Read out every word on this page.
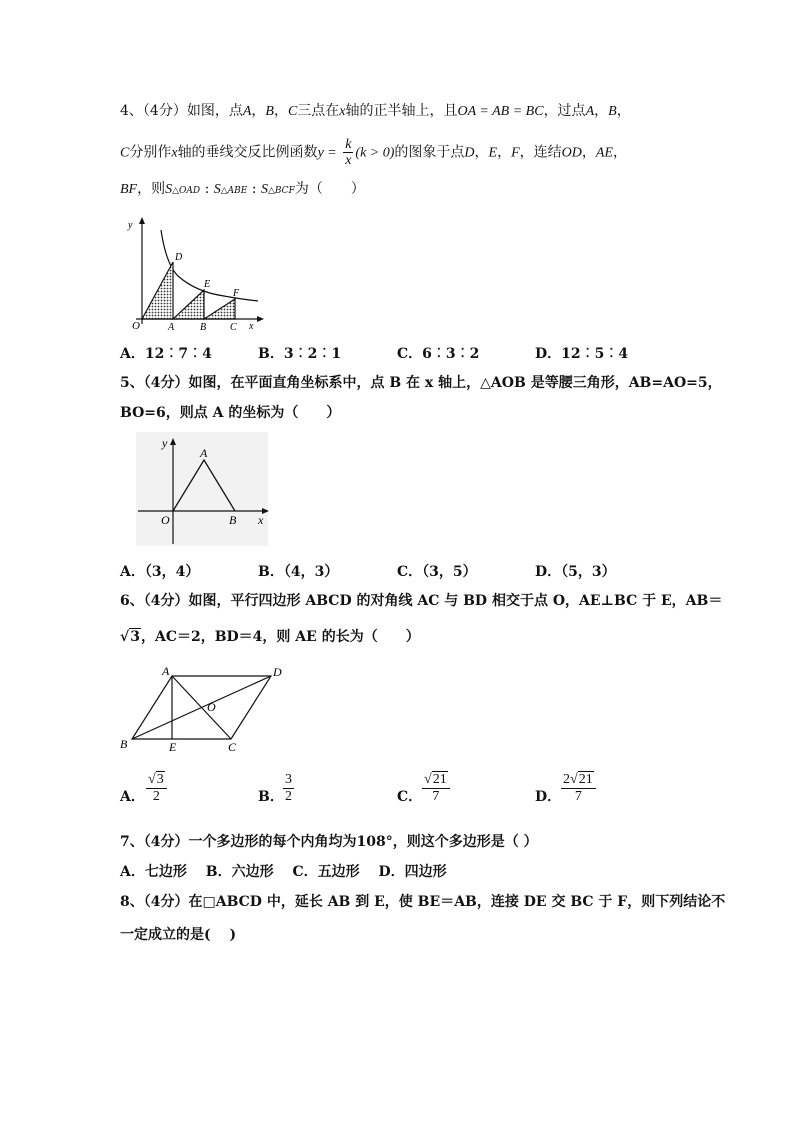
4、（4分）如图，点A，B，C三点在x轴的正半轴上，且OA = AB = BC，过点A，B，
C分别作x轴的垂线交反比例函数$y = \frac{k}{x} (k > 0)$的图象于点D，E，F，连结OD，AE，
BF，则S△OAD : S△ABE : S△BCF为（　　）
y
O	A	B C x
D
E
F
A．12︰7︰4	B．3︰2︰1	C．6︰3︰2	D．12︰5︰4
5、（4分）如图，在平面直角坐标系中，点 B 在 x 轴上，△AOB 是等腰三角形，AB=AO=5，
BO=6，则点 A 的坐标为（　　）
y
A
O	B x
A．（3，4）	B．（4，3）	C．（3，5）	D．（5，3）
6、（4分）如图，平行四边形 ABCD 的对角线 AC 与 BD 相交于点 O，AE⊥BC 于 E，AB＝
√3，AC＝2，BD＝4，则 AE 的长为（　　）
A	D
O
B	E	C
A． $\frac{√3}{2}$	B． $\frac{3}{2}$	C． $\frac{√21}{7}$	D． $\frac{2√21}{7}$
7、（4分）一个多边形的每个内角均为108°，则这个多边形是（ ）
A．七边形　 B．六边形　 C．五边形　 D．四边形
8、（4分）在□ABCD 中，延长 AB 到 E，使 BE＝AB，连接 DE 交 BC 于 F，则下列结论不
一定成立的是(　 )
